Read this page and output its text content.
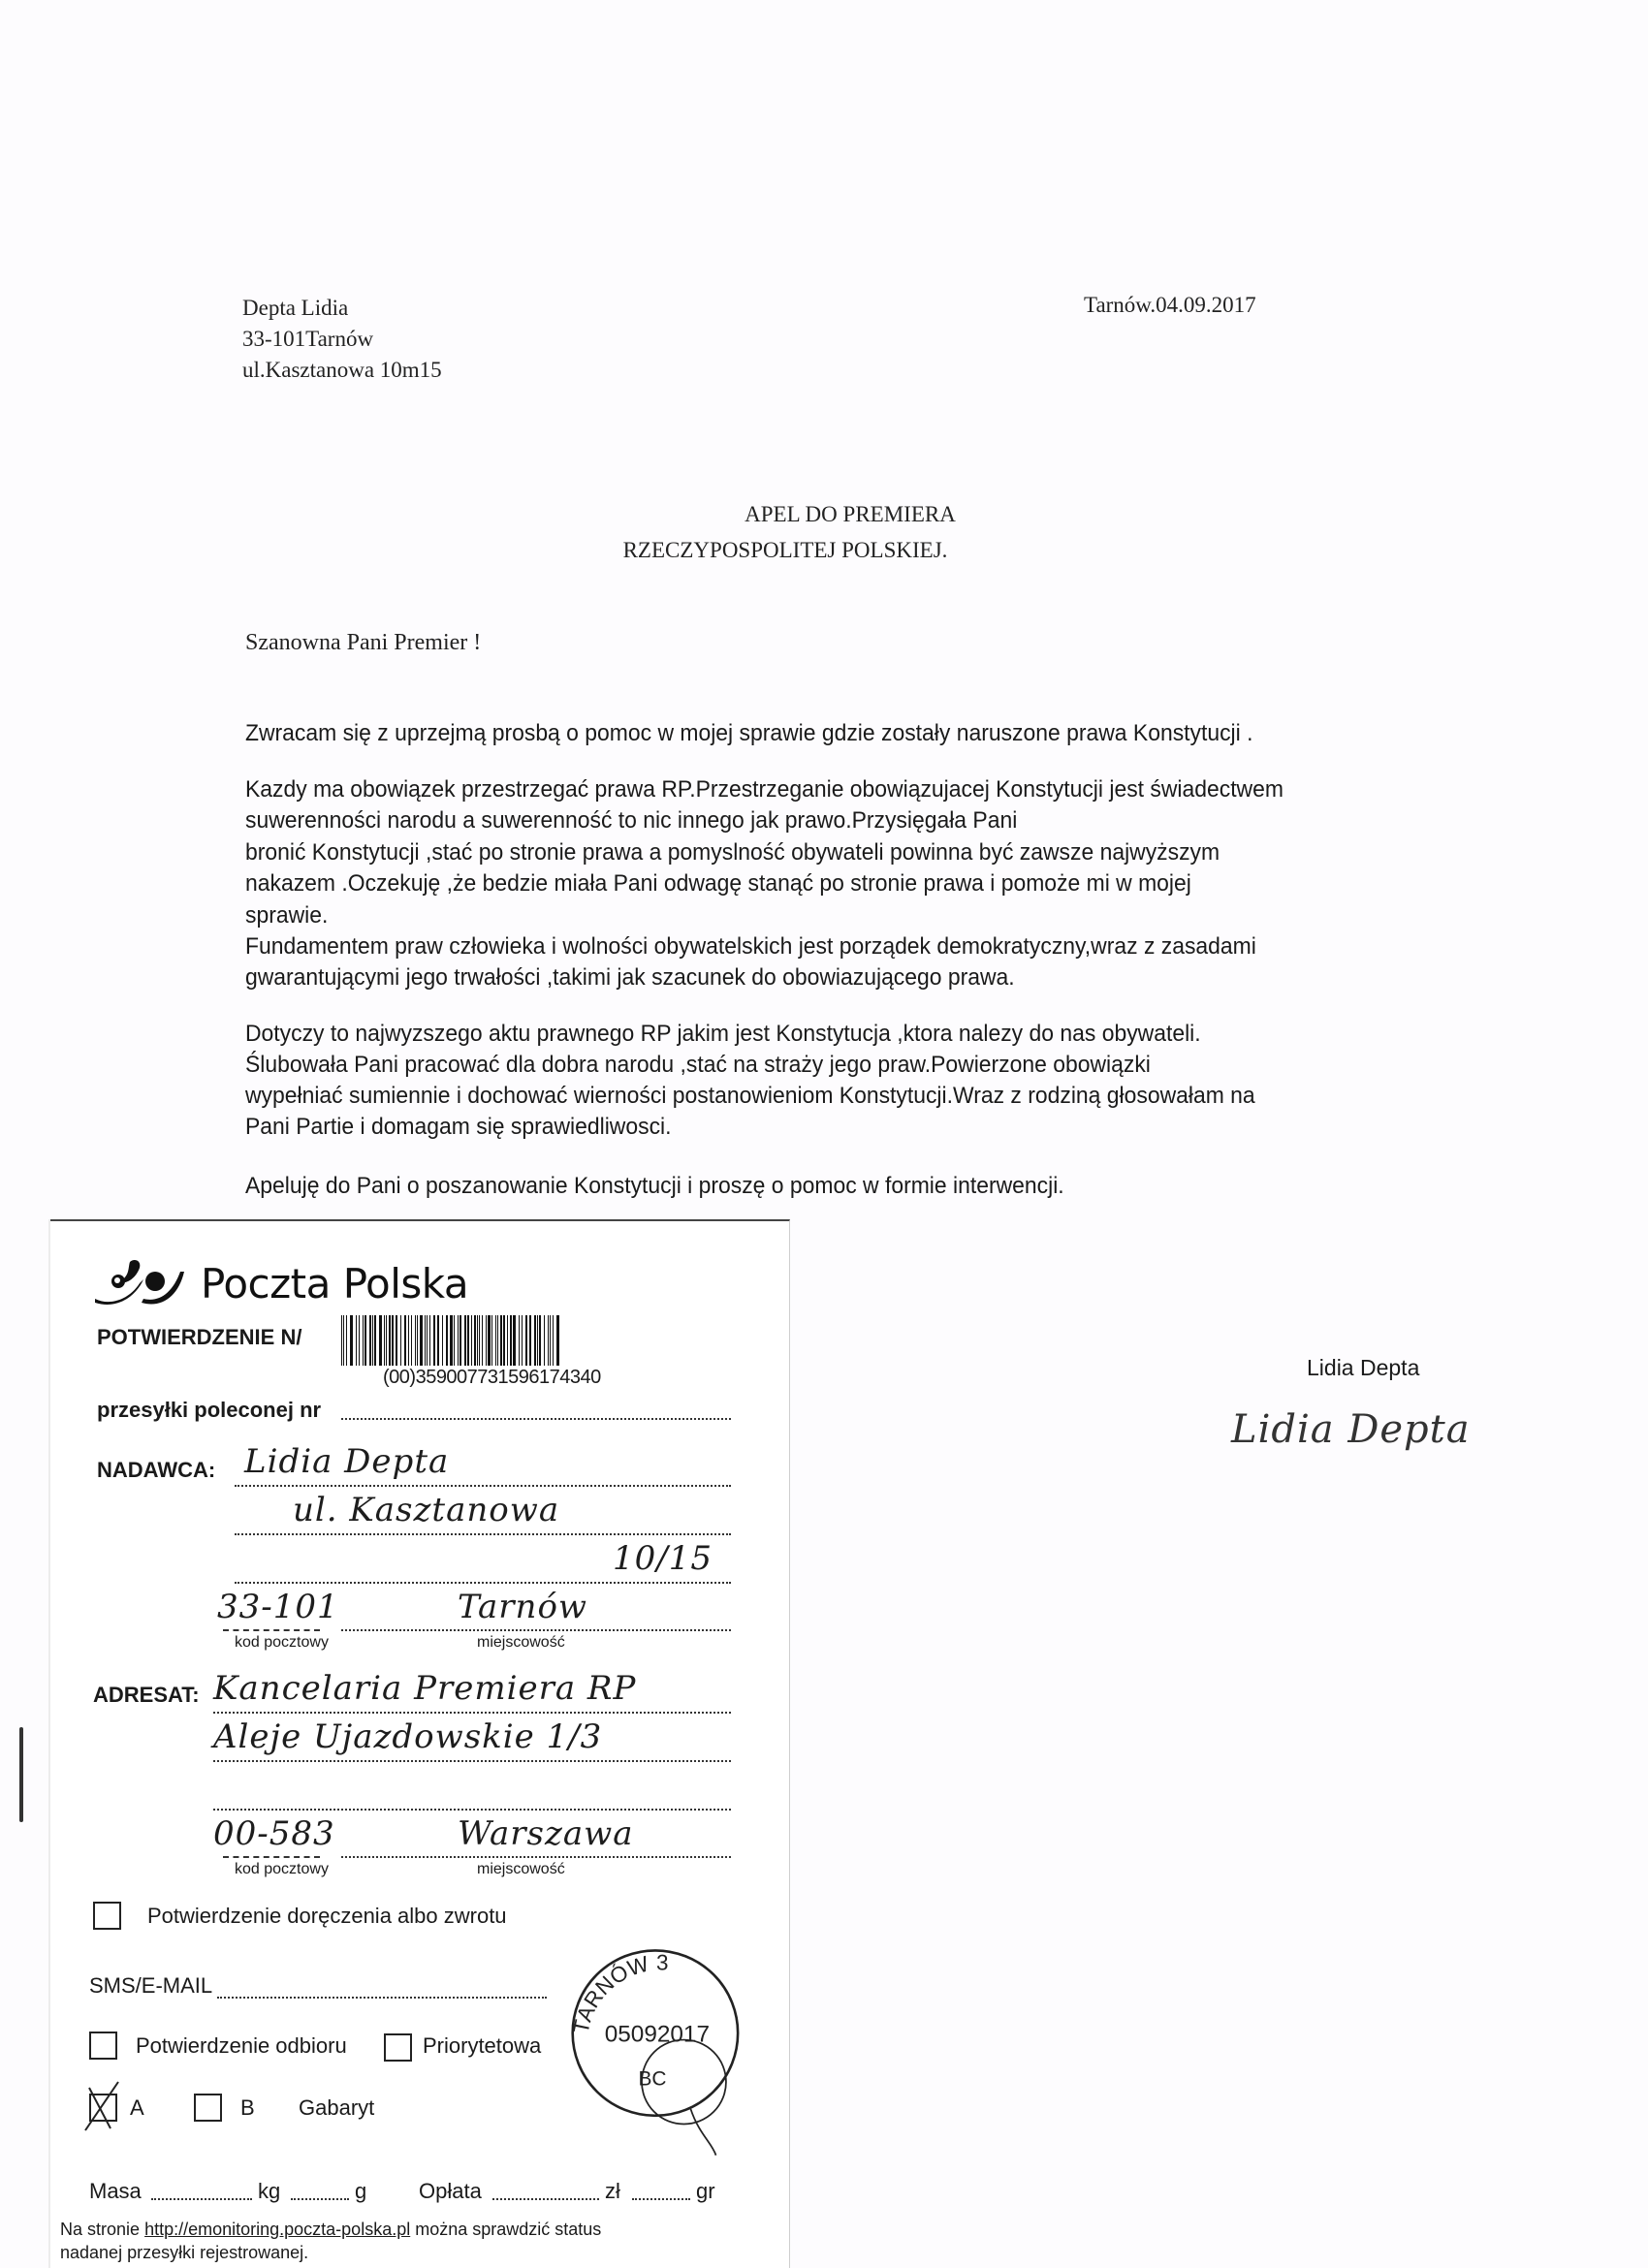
Depta Lidia
33-101Tarnów
ul.Kasztanowa 10m15
Tarnów.04.09.2017
APEL DO PREMIERA
RZECZYPOSPOLITEJ POLSKIEJ.
Szanowna Pani Premier !
Zwracam się z uprzejmą prosbą o pomoc w mojej sprawie gdzie zostały naruszone prawa Konstytucji .
Kazdy ma obowiązek przestrzegać prawa RP.Przestrzeganie obowiązujacej Konstytucji jest świadectwem
suwerenności narodu a suwerenność to nic innego jak prawo.Przysięgała Pani
bronić Konstytucji ,stać po stronie prawa a pomyslność obywateli powinna być zawsze najwyższym
nakazem .Oczekuję ,że bedzie miała Pani odwagę stanąć po stronie prawa i pomoże mi w mojej
sprawie.
Fundamentem praw człowieka i wolności obywatelskich jest porządek demokratyczny,wraz z zasadami
gwarantującymi jego trwałości ,takimi jak szacunek do obowiazującego prawa.
Dotyczy to najwyzszego aktu prawnego RP jakim jest Konstytucja ,ktora nalezy do nas obywateli.
Ślubowała Pani pracować dla dobra narodu ,stać na straży jego praw.Powierzone obowiązki
wypełniać sumiennie i dochować wierności postanowieniom Konstytucji.Wraz z rodziną głosowałam na
Pani Partie i domagam się sprawiedliwosci.
Apeluję do Pani o poszanowanie Konstytucji i proszę o pomoc w formie interwencji.
Lidia Depta
Lidia Depta
Poczta Polska
POTWIERDZENIE N/
(00)359007731596174340
przesyłki poleconej nr
NADAWCA: Lidia Depta
ul. Kasztanowa
10/15
33-101	Tarnów
kod pocztowy	miejscowość
ADRESAT: Kancelaria Premiera RP
Aleje Ujazdowskie 1/3
00-583	Warszawa
kod pocztowy	miejscowość
Potwierdzenie doręczenia albo zwrotu
SMS/E-MAIL
Potwierdzenie odbioru	Priorytetowa
A	B Gabaryt
Masa	kg	g Opłata	zł	gr
Na stronie http://emonitoring.poczta-polska.pl można sprawdzić status
nadanej przesyłki rejestrowanej.
TARNÓW 3
05092017
BC
